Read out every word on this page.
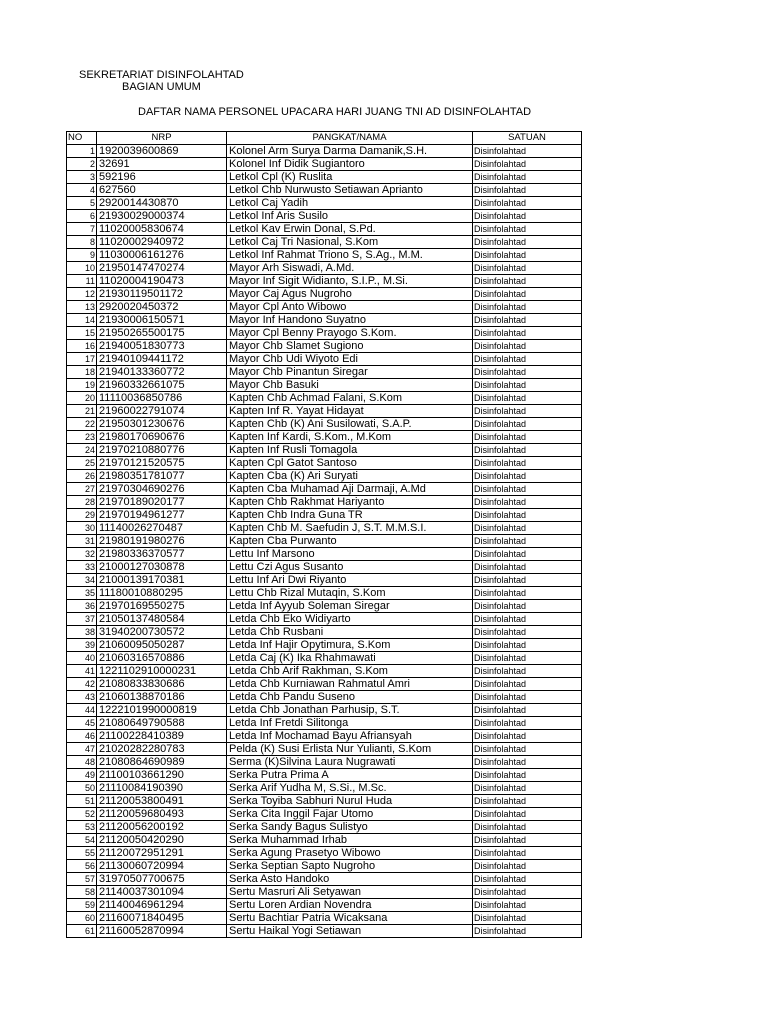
SEKRETARIAT DISINFOLAHTAD
BAGIAN UMUM
DAFTAR NAMA PERSONEL UPACARA HARI JUANG TNI AD DISINFOLAHTAD
NO	NRP	PANGKAT/NAMA	SATUAN
1	1920039600869	Kolonel Arm Surya Darma Damanik,S.H.	Disinfolahtad
2	32691	Kolonel Inf Didik Sugiantoro	Disinfolahtad
3	592196	Letkol Cpl (K) Ruslita	Disinfolahtad
4	627560	Letkol Chb Nurwusto Setiawan Aprianto	Disinfolahtad
5	2920014430870	Letkol Caj Yadih	Disinfolahtad
6	21930029000374	Letkol Inf Aris Susilo	Disinfolahtad
7	11020005830674	Letkol Kav Erwin Donal, S.Pd.	Disinfolahtad
8	11020002940972	Letkol Caj Tri Nasional, S.Kom	Disinfolahtad
9	11030006161276	Letkol Inf Rahmat Triono S, S.Ag., M.M.	Disinfolahtad
10	21950147470274	Mayor Arh Siswadi, A.Md.	Disinfolahtad
11	11020004190473	Mayor Inf Sigit Widianto, S.I.P., M.Si.	Disinfolahtad
12	21930119501172	Mayor Caj Agus Nugroho	Disinfolahtad
13	2920020450372	Mayor Cpl Anto Wibowo	Disinfolahtad
14	21930006150571	Mayor Inf Handono Suyatno	Disinfolahtad
15	21950265500175	Mayor Cpl Benny Prayogo S.Kom.	Disinfolahtad
16	21940051830773	Mayor Chb Slamet Sugiono	Disinfolahtad
17	21940109441172	Mayor Chb Udi Wiyoto Edi	Disinfolahtad
18	21940133360772	Mayor Chb Pinantun Siregar	Disinfolahtad
19	21960332661075	Mayor Chb Basuki	Disinfolahtad
20	11110036850786	Kapten Chb Achmad Falani, S.Kom	Disinfolahtad
21	21960022791074	Kapten Inf R. Yayat Hidayat	Disinfolahtad
22	21950301230676	Kapten Chb (K) Ani Susilowati, S.A.P.	Disinfolahtad
23	21980170690676	Kapten Inf Kardi, S.Kom., M.Kom	Disinfolahtad
24	21970210880776	Kapten Inf Rusli Tomagola	Disinfolahtad
25	21970121520575	Kapten Cpl Gatot Santoso	Disinfolahtad
26	21980351781077	Kapten Cba (K) Ari Suryati	Disinfolahtad
27	21970304690276	Kapten Cba Muhamad Aji Darmaji, A.Md	Disinfolahtad
28	21970189020177	Kapten Chb Rakhmat Hariyanto	Disinfolahtad
29	21970194961277	Kapten Chb Indra Guna TR	Disinfolahtad
30	11140026270487	Kapten Chb M. Saefudin J, S.T. M.M.S.I.	Disinfolahtad
31	21980191980276	Kapten Cba Purwanto	Disinfolahtad
32	21980336370577	Lettu Inf Marsono	Disinfolahtad
33	21000127030878	Lettu Czi Agus Susanto	Disinfolahtad
34	21000139170381	Lettu Inf Ari Dwi Riyanto	Disinfolahtad
35	11180010880295	Lettu Chb Rizal Mutaqin, S.Kom	Disinfolahtad
36	21970169550275	Letda Inf Ayyub Soleman Siregar	Disinfolahtad
37	21050137480584	Letda Chb Eko Widiyarto	Disinfolahtad
38	31940200730572	Letda Chb Rusbani	Disinfolahtad
39	21060095050287	Letda Inf Hajir Opytimura, S.Kom	Disinfolahtad
40	21060316570886	Letda Caj (K) Ika Rhahmawati	Disinfolahtad
41	1221102910000231	Letda Chb Arif Rakhman, S.Kom	Disinfolahtad
42	21080833830686	Letda Chb Kurniawan Rahmatul Amri	Disinfolahtad
43	21060138870186	Letda Chb Pandu Suseno	Disinfolahtad
44	1222101990000819	Letda Chb Jonathan Parhusip, S.T.	Disinfolahtad
45	21080649790588	Letda Inf Fretdi Silitonga	Disinfolahtad
46	21100228410389	Letda Inf Mochamad Bayu Afriansyah	Disinfolahtad
47	21020282280783	Pelda (K) Susi Erlista Nur Yulianti, S.Kom	Disinfolahtad
48	21080864690989	Serma (K)Silvina Laura Nugrawati	Disinfolahtad
49	21100103661290	Serka Putra Prima A	Disinfolahtad
50	21110084190390	Serka Arif Yudha M, S.Si., M.Sc.	Disinfolahtad
51	21120053800491	Serka Toyiba Sabhuri Nurul Huda	Disinfolahtad
52	21120059680493	Serka Cita Inggil Fajar Utomo	Disinfolahtad
53	21120056200192	Serka Sandy Bagus Sulistyo	Disinfolahtad
54	21120050420290	Serka Muhammad Irhab	Disinfolahtad
55	21120072951291	Serka Agung Prasetyo Wibowo	Disinfolahtad
56	21130060720994	Serka Septian Sapto Nugroho	Disinfolahtad
57	31970507700675	Serka Asto Handoko	Disinfolahtad
58	21140037301094	Sertu Masruri Ali Setyawan	Disinfolahtad
59	21140046961294	Sertu Loren Ardian Novendra	Disinfolahtad
60	21160071840495	Sertu Bachtiar Patria Wicaksana	Disinfolahtad
61	21160052870994	Sertu Haikal Yogi Setiawan	Disinfolahtad
